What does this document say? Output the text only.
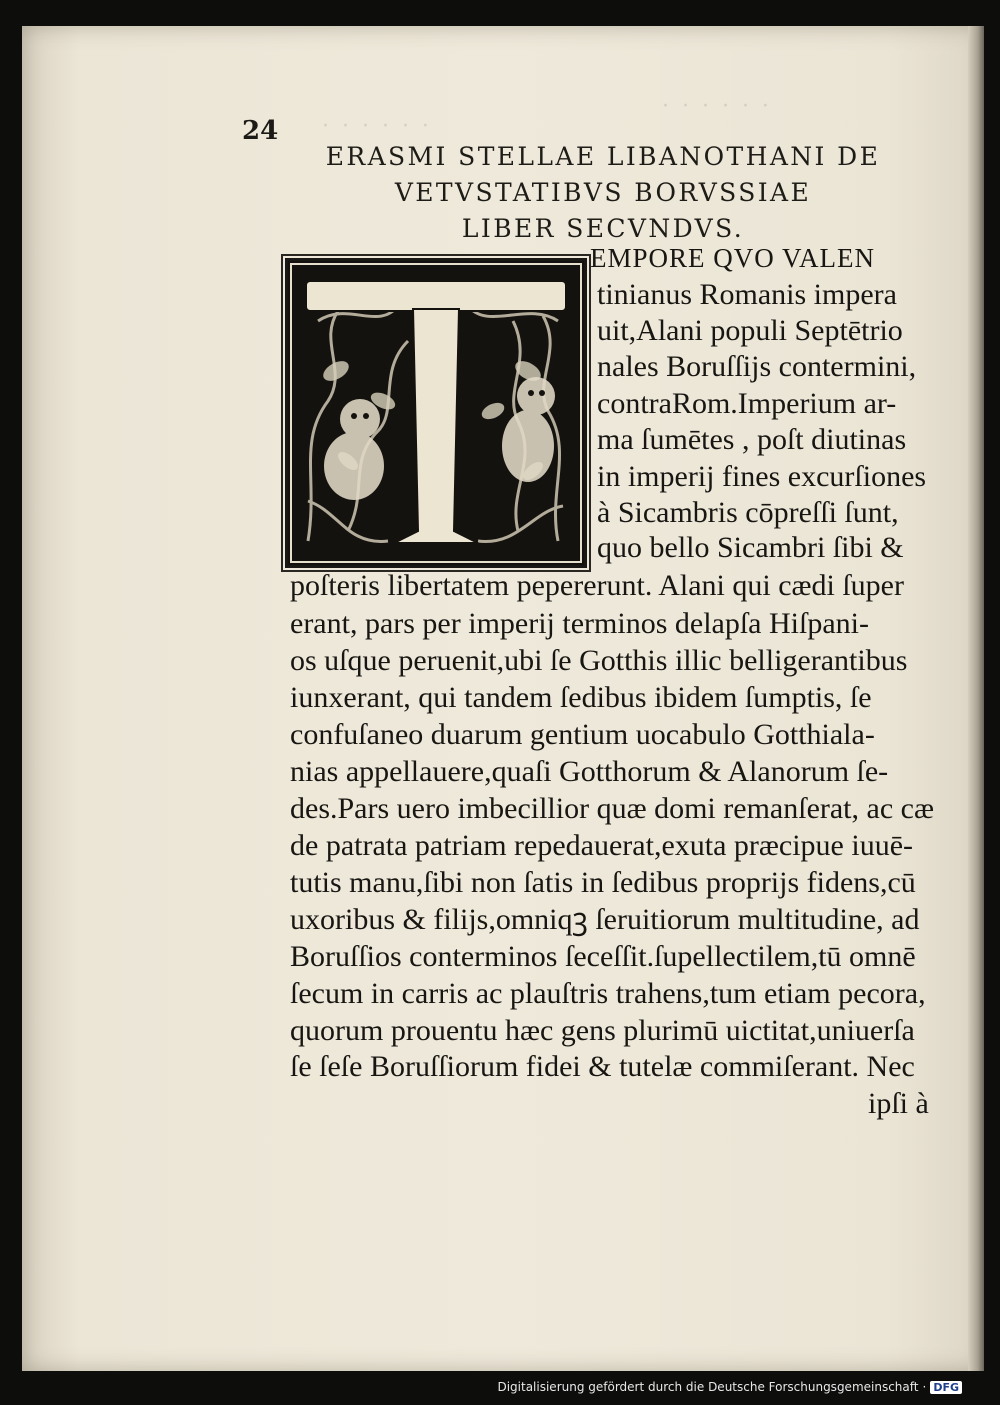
· · · · · ·
· · · · · ·
24
ERASMI STELLAE LIBANOTHANI DE
VETVSTATIBVS BORVSSIAE
LIBER SECVNDVS.
EMPORE QVO VALEN
tinianus Romanis impera
uit,Alani populi Septētrio
nales Boruſſiјs contermini,
contraRom.Imperium ar-
ma ſumētes , poſt diutinas
in imperiј fines excurſiones
à Sicambris cōpreſſi ſunt,
quo bello Sicambri ſibi &
poſteris libertatem pepererunt. Alani qui cædi ſuper
erant, pars per imperiј terminos delapſa Hiſpani-
os uſque peruenit,ubi ſe Gotthis illic belligerantibus
iunxerant, qui tandem ſedibus ibidem ſumptis, ſe
confuſaneo duarum gentium uocabulo Gotthiala-
nias appellauere,quaſi Gotthorum & Alanorum ſe-
des.Pars uero imbecillior quæ domi remanſerat, ac cæ
de patrata patriam repedauerat,exuta præcipue iuuē-
tutis manu,ſibi non ſatis in ſedibus propriјs fidens,cū
uxoribus & filiјs,omniqꝫ ſeruitiorum multitudine, ad
Boruſſios conterminos ſeceſſit.ſupellectilem,tū omnē
ſecum in carris ac plauſtris trahens,tum etiam pecora,
quorum prouentu hæc gens plurimū uictitat,uniuerſa
ſe ſeſe Boruſſiorum fidei & tutelæ commiſerant. Nec
ipſi à
Digitalisierung gefördert durch die Deutsche Forschungsgemeinschaft · DFG
